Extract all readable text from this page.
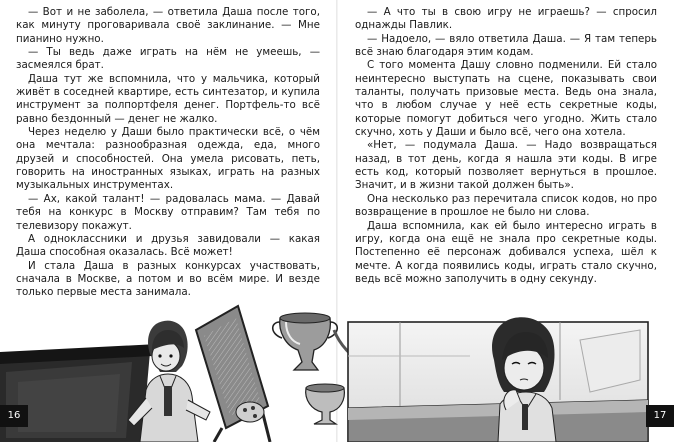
— Вот и не заболела, — ответила Даша после того, как минуту проговаривала своё заклинание. — Мне пианино нужно.

— Ты ведь даже играть на нём не умеешь, — засмеялся брат.

Даша тут же вспомнила, что у мальчика, который живёт в соседней квартире, есть синтезатор, и купила инструмент за полпортфеля денег. Портфель-то всё равно бездонный — денег не жалко.

Через неделю у Даши было практически всё, о чём она мечтала: разнообразная одежда, еда, много друзей и способностей. Она умела рисовать, петь, говорить на иностранных языках, играть на разных музыкальных инструментах.

— Ах, какой талант! — радовалась мама. — Давай тебя на конкурс в Москву отправим? Там тебя по телевизору покажут.

А одноклассники и друзья завидовали — какая Даша способная оказалась. Всё может!

И стала Даша в разных конкурсах участвовать, сначала в Москве, а потом и во всём мире. И везде только первые места занимала.

— А что ты в свою игру не играешь? — спросил однажды Павлик.

— Надоело, — вяло ответила Даша. — Я там теперь всё знаю благодаря этим кодам.

С того момента Дашу словно подменили. Ей стало неинтересно выступать на сцене, показывать свои таланты, получать призовые места. Ведь она знала, что в любом случае у неё есть секретные коды, которые помогут добиться чего угодно. Жить стало скучно, хоть у Даши и было всё, чего она хотела.

«Нет, — подумала Даша. — Надо возвращаться назад, в тот день, когда я нашла эти коды. В игре есть код, который позволяет вернуться в прошлое. Значит, и в жизни такой должен быть».

Она несколько раз перечитала список кодов, но про возвращение в прошлое не было ни слова.

Даша вспомнила, как ей было интересно играть в игру, когда она ещё не знала про секретные коды. Постепенно её персонаж добивался успеха, шёл к мечте. А когда появились коды, играть стало скучно, ведь всё можно заполучить в одну секунду.

16	17
